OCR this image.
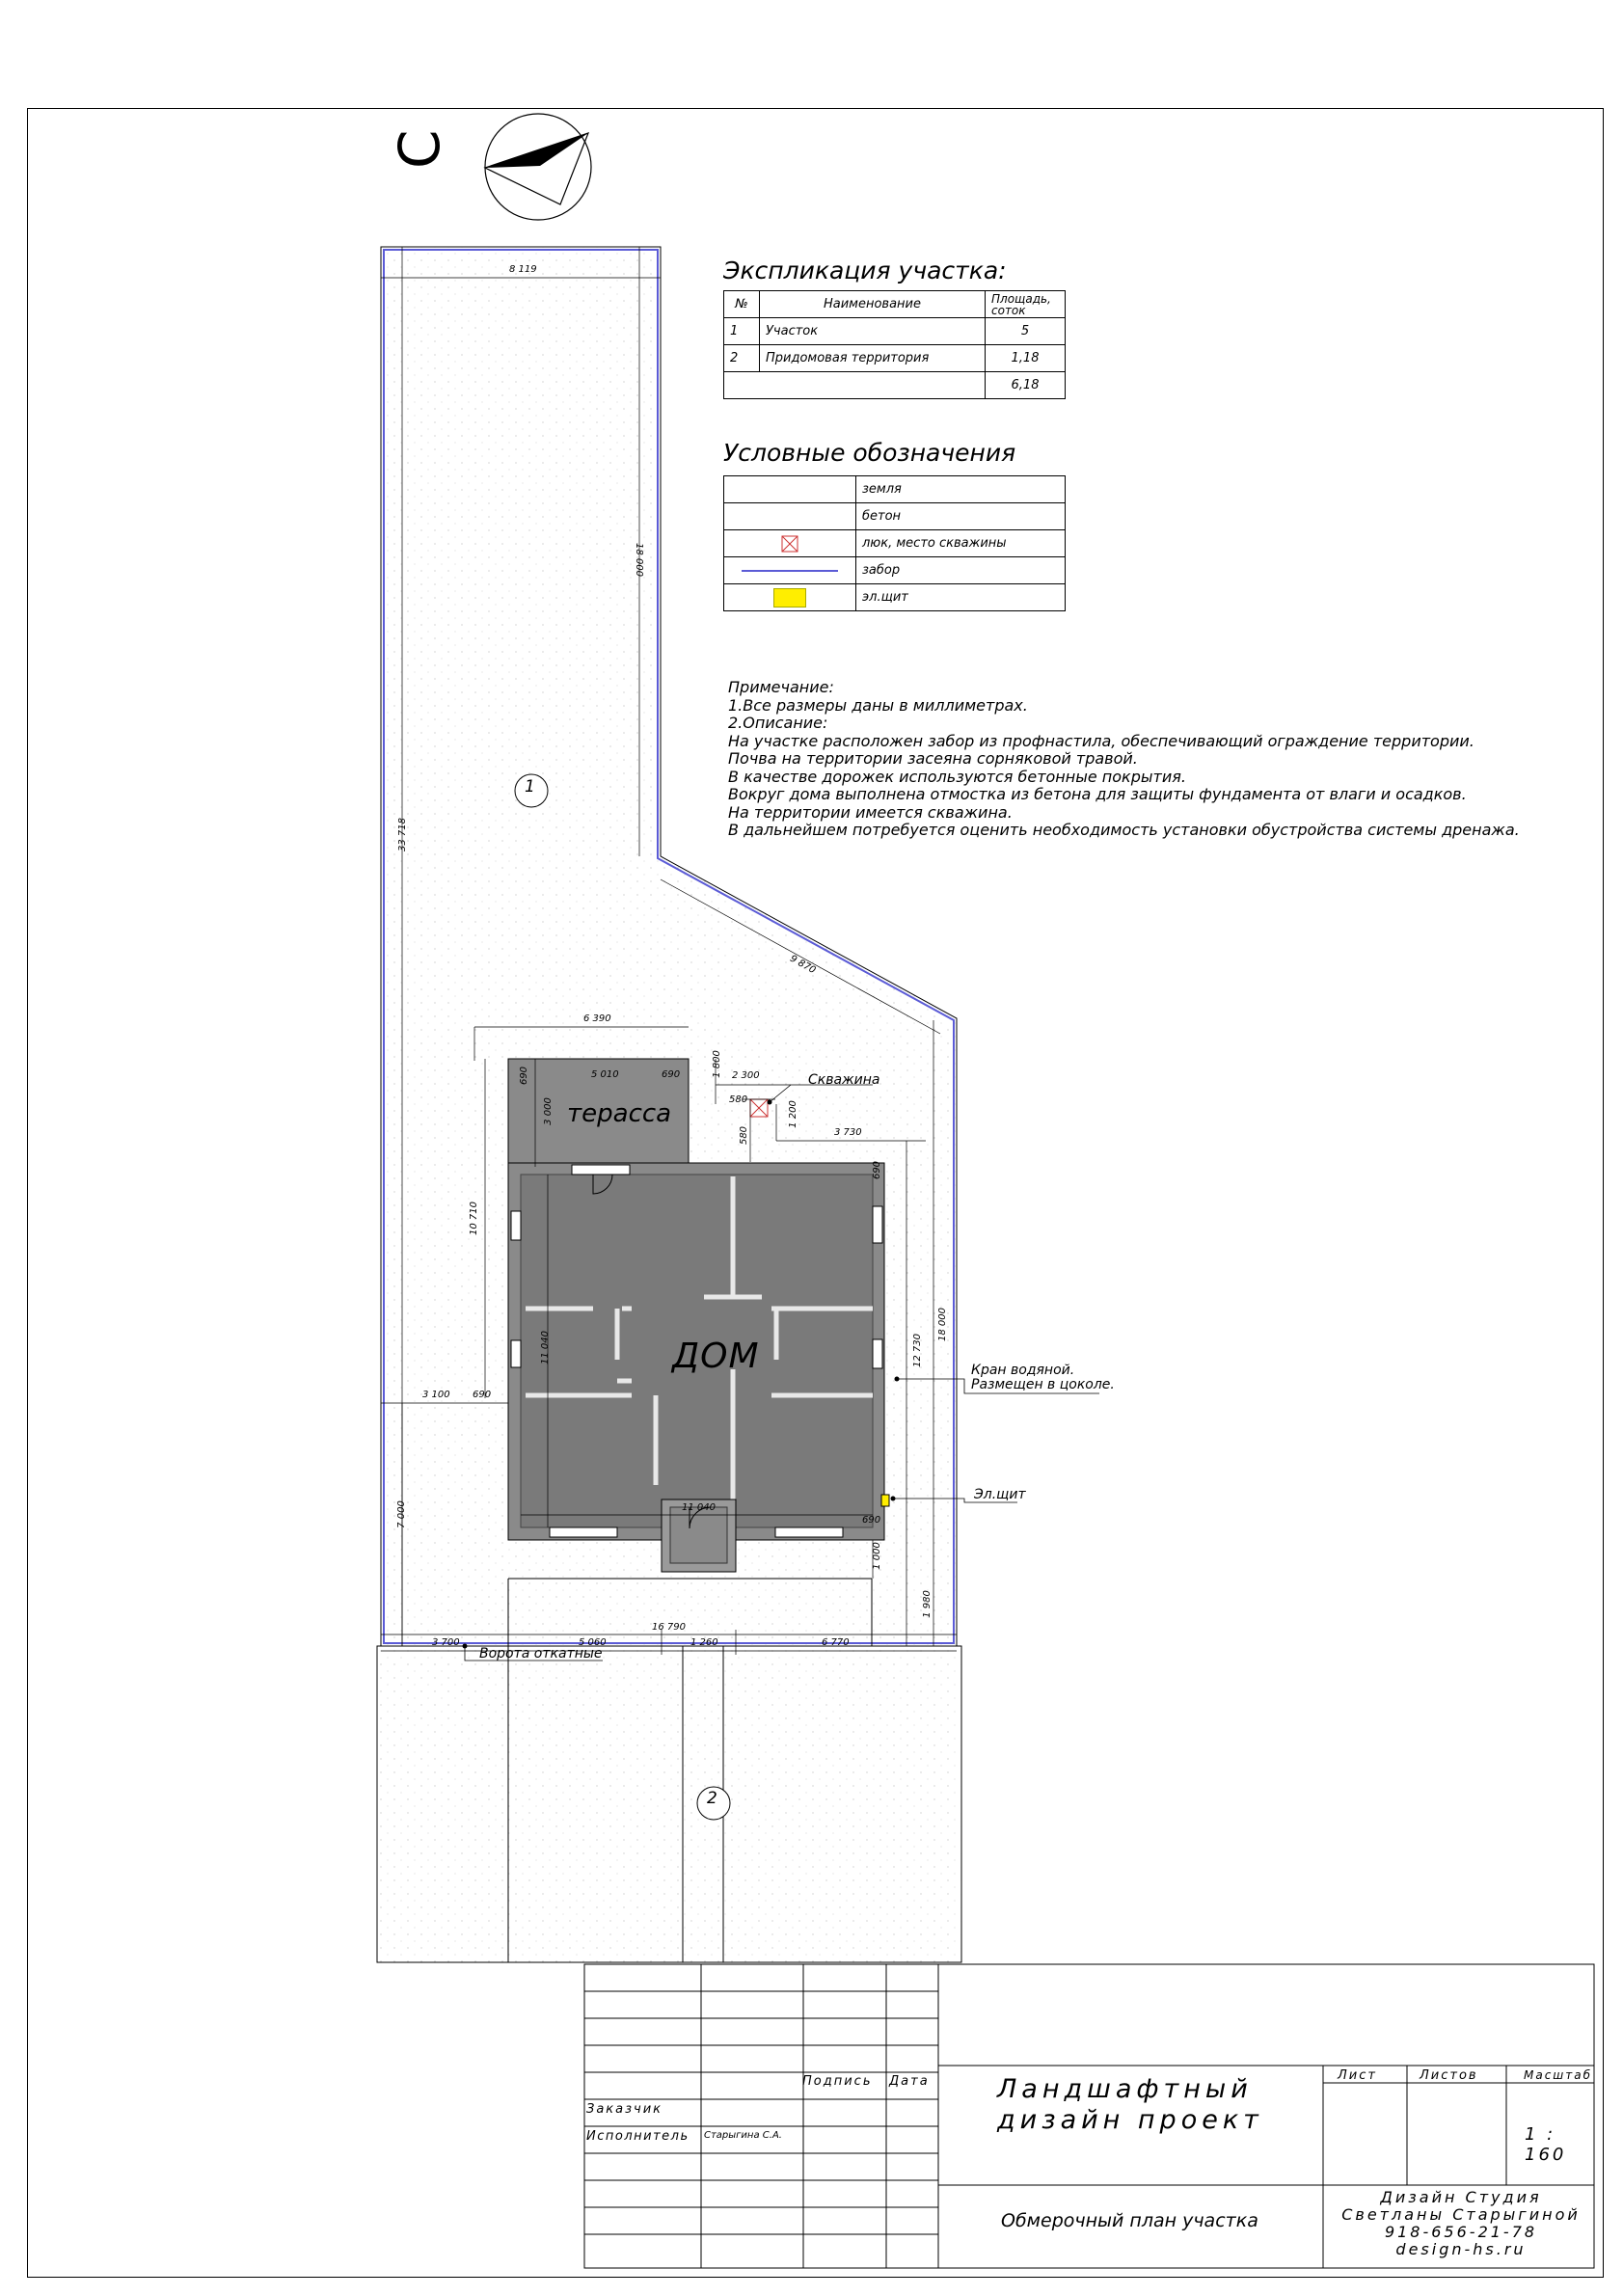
С
1
2
ДОМ
терасса
Скважина
Кран водяной.
Размещен в цоколе.
Эл.щит
Ворота откатные
8 119
33 718
18 000
9 870
6 390
5 010
690	690	1 800 2 300
580
580
1 200
3 730
3 000
10 710
11 040
11 040
12 730
18 000
690
3 100 690
7 000	690
1 000
1 980
16 790
3 700	5 060	1 260	6 770
Экспликация участка:
№	Наименование	Площадь, соток
1	Участок	5
2	Придомовая территория	1,18
		6,18
Условные обозначения
	земля
	бетон
	люк, место скважины

	забор

	эл.щит
Примечание:
1.Все размеры даны в миллиметрах.
2.Описание:
На участке расположен забор из профнастила, обеспечивающий ограждение территории.
Почва на территории засеяна сорняковой травой.
В качестве дорожек используются бетонные покрытия.
Вокруг дома выполнена отмостка из бетона для защиты фундамента от влаги и осадков.
На территории имеется скважина.
В дальнейшем потребуется оценить необходимость установки обустройства системы дренажа.
Подпись Дата
Заказчик
Исполнитель Старыгина С.А.
Ландшафтный
дизайн проект
Лист	Листов	Масштаб
1 : 160
Обмерочный план участка
Дизайн Студия
Светланы Старыгиной
918-656-21-78
design-hs.ru
